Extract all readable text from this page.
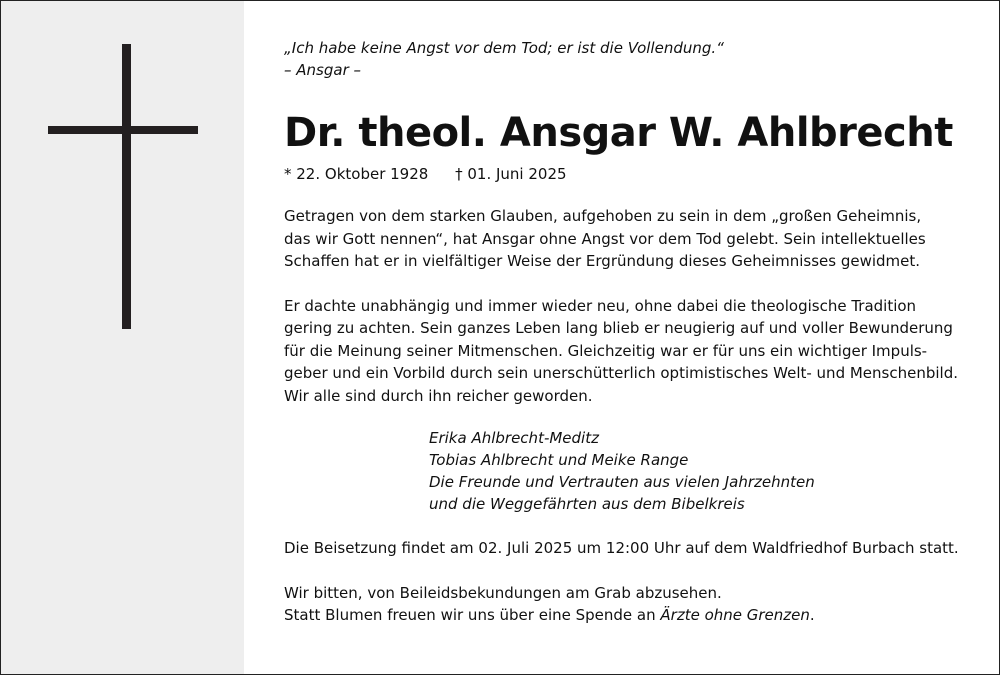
„Ich habe keine Angst vor dem Tod; er ist die Vollendung.“

– Ansgar –

Dr. theol. Ansgar W. Ahlbrecht

* 22. Oktober 1928 † 01. Juni 2025

Getragen von dem starken Glauben, aufgehoben zu sein in dem „großen Geheimnis,
das wir Gott nennen“, hat Ansgar ohne Angst vor dem Tod gelebt. Sein intellektuelles
Schaffen hat er in vielfältiger Weise der Ergründung dieses Geheimnisses gewidmet.
Er dachte unabhängig und immer wieder neu, ohne dabei die theologische Tradition
gering zu achten. Sein ganzes Leben lang blieb er neugierig auf und voller Bewunderung
für die Meinung seiner Mitmenschen. Gleichzeitig war er für uns ein wichtiger Impuls-
geber und ein Vorbild durch sein unerschütterlich optimistisches Welt- und Menschenbild.
Wir alle sind durch ihn reicher geworden.
Erika Ahlbrecht-Meditz
Tobias Ahlbrecht und Meike Range
Die Freunde und Vertrauten aus vielen Jahrzehnten
und die Weggefährten aus dem Bibelkreis

Die Beisetzung findet am 02. Juli 2025 um 12:00 Uhr auf dem Waldfriedhof Burbach statt.

Wir bitten, von Beileidsbekundungen am Grab abzusehen.
Statt Blumen freuen wir uns über eine Spende an Ärzte ohne Grenzen.
